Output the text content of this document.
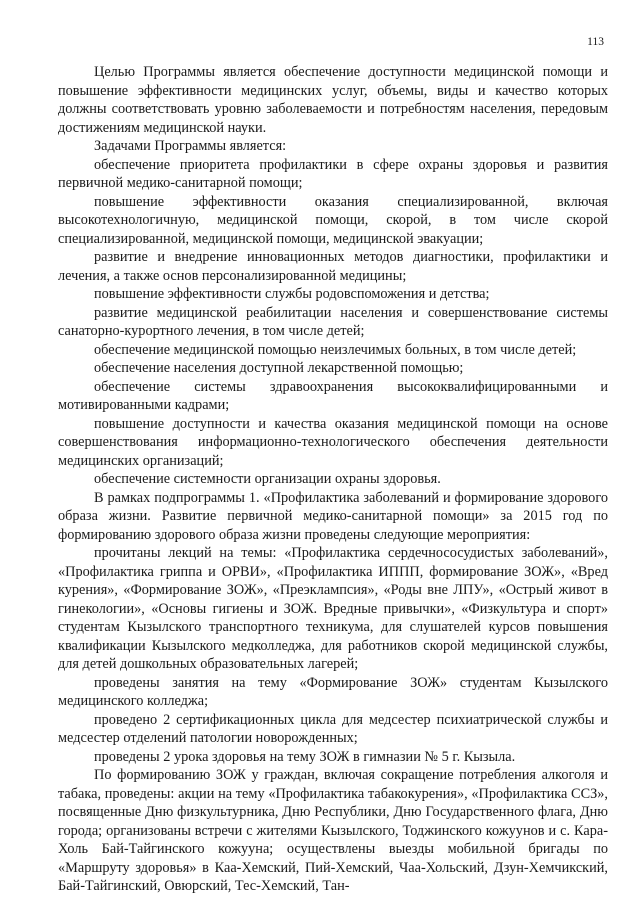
113

Целью Программы является обеспечение доступности медицинской помощи и повышение эффективности медицинских услуг, объемы, виды и качество которых должны соответствовать уровню заболеваемости и потребностям населения, передовым достижениям медицинской науки.

Задачами Программы является:

обеспечение приоритета профилактики в сфере охраны здоровья и развития первичной медико-санитарной помощи;

повышение эффективности оказания специализированной, включая высокотехнологичную, медицинской помощи, скорой, в том числе скорой специализированной, медицинской помощи, медицинской эвакуации;

развитие и внедрение инновационных методов диагностики, профилактики и лечения, а также основ персонализированной медицины;

повышение эффективности службы родовспоможения и детства;

развитие медицинской реабилитации населения и совершенствование системы санаторно-курортного лечения, в том числе детей;

обеспечение медицинской помощью неизлечимых больных, в том числе детей;

обеспечение населения доступной лекарственной помощью;

обеспечение системы здравоохранения высококвалифицированными и мотивированными кадрами;

повышение доступности и качества оказания медицинской помощи на основе совершенствования информационно-технологического обеспечения деятельности медицинских организаций;

обеспечение системности организации охраны здоровья.

В рамках подпрограммы 1. «Профилактика заболеваний и формирование здорового образа жизни. Развитие первичной медико-санитарной помощи» за 2015 год по формированию здорового образа жизни проведены следующие мероприятия:

прочитаны лекций на темы: «Профилактика сердечнососудистых заболеваний», «Профилактика гриппа и ОРВИ», «Профилактика ИППП, формирование ЗОЖ», «Вред курения», «Формирование ЗОЖ», «Преэклампсия», «Роды вне ЛПУ», «Острый живот в гинекологии», «Основы гигиены и ЗОЖ. Вредные привычки», «Физкультура и спорт» студентам Кызылского транспортного техникума, для слушателей курсов повышения квалификации Кызылского медколледжа, для работников скорой медицинской службы, для детей дошкольных образовательных лагерей;

проведены занятия на тему «Формирование ЗОЖ» студентам Кызылского медицинского колледжа;

проведено 2 сертификационных цикла для медсестер психиатрической службы и медсестер отделений патологии новорожденных;

проведены 2 урока здоровья на тему ЗОЖ в гимназии № 5 г. Кызыла.

По формированию ЗОЖ у граждан, включая сокращение потребления алкоголя и табака, проведены: акции на тему «Профилактика табакокурения», «Профилактика ССЗ», посвященные Дню физкультурника, Дню Республики, Дню Государственного флага, Дню города; организованы встречи с жителями Кызылского, Тоджинского кожуунов и с. Кара-Холь Бай-Тайгинского кожууна; осуществлены выезды мобильной бригады по «Маршруту здоровья» в Каа-Хемский, Пий-Хемский, Чаа-Хольский, Дзун-Хемчикский, Бай-Тайгинский, Овюрский, Тес-Хемский, Тан-
